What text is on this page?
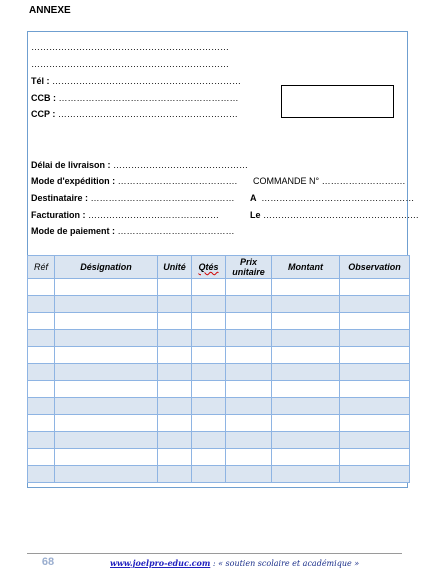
ANNEXE
…………………………………………………………
…………………………………………………………
Tél : ………………………………………………………
CCB : ……………………………………………………
CCP : ……………………………………………………
Délai de livraison : ………………………………………
Mode d'expédition : …………………………………. COMMANDE N° ……………………….
Destinataire : ………………………………………… A ……………………………………………
Facturation : …………………….………….……	Le …………………………………………….
Mode de paiement : …………………………………
Réf	Désignation	Unité	Qtés	Prix unitaire	Montant	Observation

68	www.joelpro-educ.com : « soutien scolaire et académique »
